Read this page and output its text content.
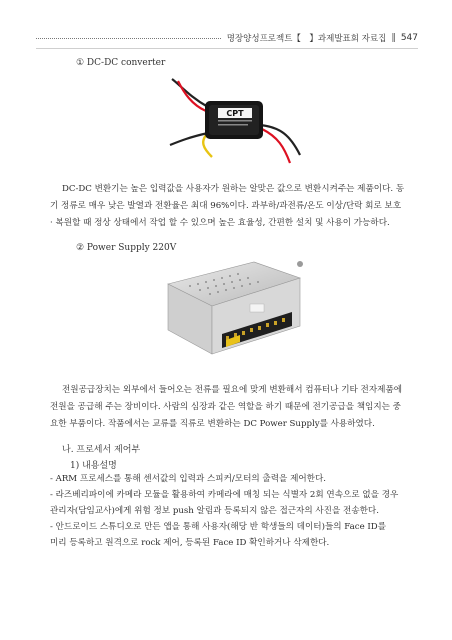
명장양성프로젝트【　】과제발표회 자료집 ‖ 547
① DC-DC converter
CPT
DC-DC 변환기는 높은 입력값을 사용자가 원하는 알맞은 값으로 변환시켜주는 제품이다. 동
기 정류로 매우 낮은 발열과 전환율은 최대 96%이다. 과부하/과전류/온도 이상/단락 회로 보호
· 복원할 때 정상 상태에서 작업 할 수 있으며 높은 효율성, 간편한 설치 및 사용이 가능하다.
② Power Supply 220V
전원공급장치는 외부에서 들어오는 전류를 필요에 맞게 변환해서 컴퓨터나 기타 전자제품에
전원을 공급해 주는 장비이다. 사람의 심장과 같은 역할을 하기 때문에 전기공급을 책임지는 중
요한 부품이다. 작품에서는 교류를 직류로 변환하는 DC Power Supply를 사용하였다.
나. 프로세서 제어부
1) 내용설명
- ARM 프로세스를 통해 센서값의 입력과 스피커/모터의 출력을 제어한다.
- 라즈베리파이에 카메라 모듈을 활용하여 카메라에 매칭 되는 식별자 2회 연속으로 없을 경우
관리자(담임교사)에게 위험 정보 push 알림과 등록되지 않은 접근자의 사진을 전송한다.
- 안드로이드 스튜디오로 만든 앱을 통해 사용자(해당 반 학생들의 데이터)들의 Face ID를
미리 등록하고 원격으로 rock 제어, 등록된 Face ID 확인하거나 삭제한다.
